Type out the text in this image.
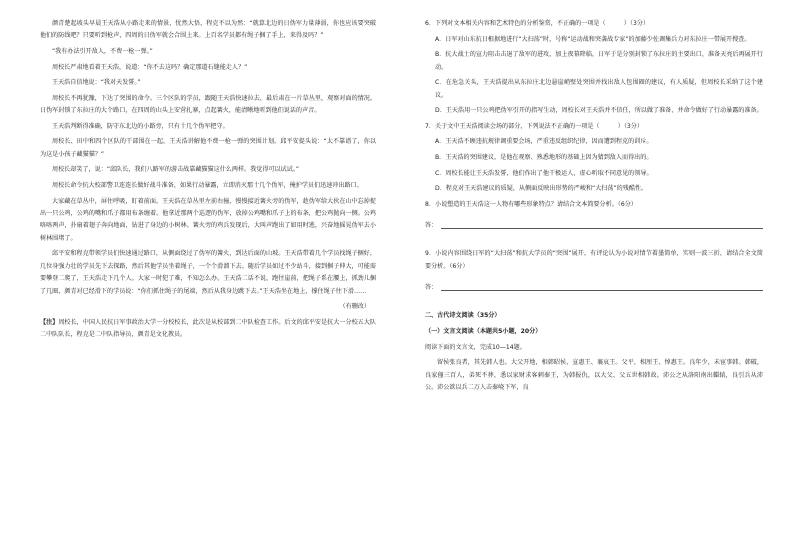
颜青楚起坡头早晨王天浩从小路走来的情景，忧然大悟，程克不以为然：“就算北边的日伪军力量薄弱，你也应该要突破他们的防线吧？只要听到枪声，四周的日伪军就会合围上来。上百名学员都有绳子捆了手上，来得及吗？”

“我有办法引开敌人，不费一枪一弹。”

周校长严肃地看着王天浩，说道：“你不去这吗？确定那道石缝能走人？”

王天浩自信地说：“我对天发誓。”

周校长不再犹豫，下达了突围的命令。三个区队的学员，跟随王天浩快速拉去，最后肃在一片草丛里，观察对面的情况。日伪军封锁了东拉庄的大个路口，在四周的山头上安营扎寨，点起篝火，能清晰地听到他们说话的声音。

王天浩判断得准确，防守东北边的小路旁，只有十几个伪军把守。

周校长、田中和四个区队的干部围在一起，王天浩讲解他不费一枪一弹的突围计划。邱平安提头说：“太不靠谱了，你以为这是小孩子藏猫猫？”

周校长却笑了，说：“邱队长，我们八路军的游击战靠藏猫猫这什么两样。我觉得可以试试。”

周校长命令抗大校部警卫连连长做好战斗准备，如果行动暴露，立即消灭那十几个伪军，掩护学员们迅速冲出路口。

大家藏在草丛中，屏住呼吸，盯着前面。王天浩在草丛里左前右撞，慢慢接近篝火旁的伪军，趁伪军给大伙在山中忘掉捉出一只公鸡，公鸡的嘴和爪子都用布条缠着。他拿近那两个巡逻的伪军，放掉公鸡嘴和爪子上的布条，把公鸡抛向一侧。公鸡咯咯两声，扑扇着翅子奔向地面，钻进了身边的小树林。篝火旁的鸡兵发现后，大叫声跑出了如用时逃，兴奋地摇晃伪军去小树林围堵了。

邱平安和程克带领学员们快速通过路口，从侧面绕过了伪军的篝火，到达后面的山坡。王天浩带着几个学员找绳子捆好，几位身强力壮的学员先下去探路，然后其他学员坐着绳子，一个个滑溜下去。随后学员如过不少站斗，接到捆子伸大，可能需要攀登二爬了，王天浩走下几个人。大家一时犯了难，不知怎么办。王天浩二话不说，跑往崖前，把绳子系在腰上，抓劲儿捆了几圈，颜青对已经滑下的学员说：“你们抓住绳子的尾端，然后从我身边跳下去。”王天浩坐在地上，撑住绳子往下滑……

（有删改）

【注】周校长，中国人民抗日军事政治大学一分校校长，此次是从校部到二中队检查工作。后文的邱平安是抗大一分校五大队二中队队长，程克是二中队指导员，颜青是文化教员。

6．下列对文本相关内容和艺术特色的分析鉴赏，不正确的一项是（　　　）（3分）

A．日军对山东抗日根据地进行“大扫荡”时，号称“运动战和突袭战专家”的加藤少佐调集兵力对东拉庄一带展开搜查。

B．抗大战士的宣力阻击击退了敌军的进攻，加上夜幕降临，日军于是分别封锁了东拉庄的主要出口，准备天亮后再展开行动。

C．在危急关头，王天浩提出从东拉庄北边悬崖峭壁处突围并找出敌人包围圈的建议，有人质疑，但周校长采纳了这个建议。

D．王天浩用一只公鸡把伪军引开的指写生动，周校长对王天浩并不信任，所以做了准备，并命令做好了行动暴露的准备。

7．关于文中王天浩阅读会场的部分，下列说法不正确的一项是（　　　）（3分）

A．王天浩不顾违抗规律调重要会场，严重违反组织纪律，因而遭到程克的训斥。

B．王天浩的突围建议，是他在观察、熟悉地形的基础上因为猜到敌人而得出的。

C．周校长能让王天浩发誓，他们作出了他干极运人，虚心听取不同意见的领导。

D．程克对王天浩建议的质疑，从侧面反映出形势的严峻和“大扫荡”的残酷性。

8．小说塑造的王天浩这一人物有哪些形象特点？请结合文本简要分析。（6分）

答：

9．小说内容围绕日军的“大扫荡”和抗大学员的“突围”展开，有评论认为小说对情节着墨简单，实则一波三折，请结合全文简要分析。（6分）

答：

二、古代诗文阅读（35分）

（一）文言文阅读（本题共5小题，20分）

阅读下面的文言文，完成10—14题。

留侯张良者，其先韩人也。大父开地，相韩昭侯、宣惠王、襄哀王。父平，相厘王、悼惠王。良年少，未宦事韩。韩破，良家僮三百人，弟死不葬，悉以家财求客刺秦王，为韩报仇，以大父、父五世相韩故。沛公之从洛阳南出轘辕，良引兵从沛公。沛公欲以兵二万人击秦峣下军，良
